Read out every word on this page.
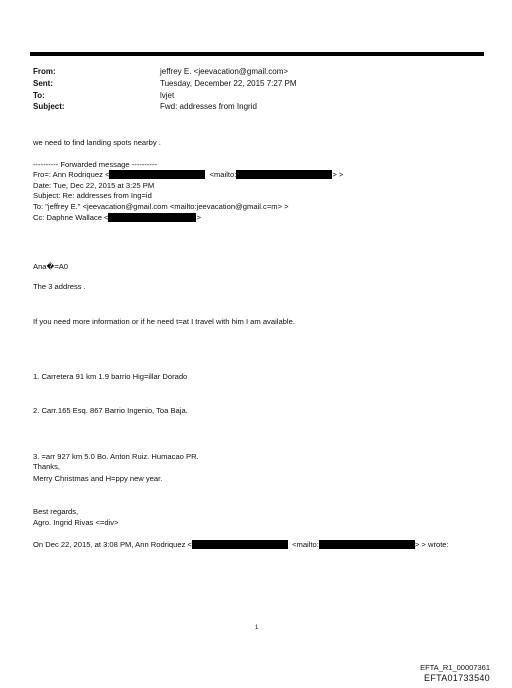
From:	jeffrey E. <jeevacation@gmail.com>
Sent:	Tuesday, December 22, 2015 7:27 PM
To:	lvjet
Subject:	Fwd: addresses from Ingrid
we need to find landing spots nearby .
---------- Forwarded message ----------
Fro=: Ann Rodriquez <	<mailto:	> >
Date: Tue, Dec 22, 2015 at 3:25 PM
Subject: Re: addresses from Ing=id
To: "jeffrey E." <jeevacation@gmail.com <mailto:jeevacation@gmail.c=m> >
Cc: Daphne Wallace <	>
Ana�=A0
The 3 address .
If you need more information or if he need t=at I travel with him I am available.
1. Carretera 91 km 1.9 barrio Hig=illar Dorado
2. Carr.165 Esq. 867 Barrio Ingenio, Toa Baja.
3. =arr 927 km 5.0 Bo. Anton Ruiz. Humacao PR.
Thanks,
Merry Christmas and H=ppy new year.
Best regards,
Agro. Ingrid Rivas <=div>
On Dec 22, 2015, at 3:08 PM, Ann Rodriquez <	<mailto:	> > wrote:
1
EFTA_R1_00007361
EFTA01733540
